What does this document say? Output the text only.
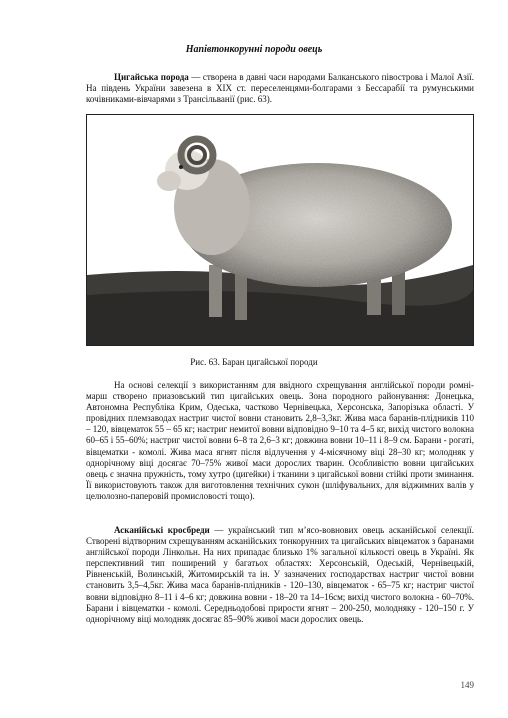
Напівтонкорунні породи овець
Цигайська порода — створена в давні часи народами Балканського півострова і Малої Азії. На південь України завезена в XIX ст. переселенцями-болгарами з Бессарабії та румунськими кочівниками-вівчарями з Трансільванії (рис. 63).
Рис. 63. Баран цигайської породи
На основі селекції з використанням для ввідного схрещування англійської породи ромні-марш створено приазовський тип цигайських овець. Зона породного районування: Донецька, Автономна Республіка Крим, Одеська, частково Чернівецька, Херсонська, Запорізька області. У провідних племзаводах настриг чистої вовни становить 2,8–3,3кг. Жива маса баранів-плідників 110 – 120, вівцематок 55 – 65 кг; настриг немитої вовни відповідно 9–10 та 4–5 кг, вихід чистого волокна 60–65 і 55–60%; настриг чистої вовни 6–8 та 2,6–3 кг; довжина вовни 10–11 і 8–9 см. Барани - рогаті, вівцематки - комолі. Жива маса ягнят після відлучення у 4-місячному віці 28–30 кг; молодняк у однорічному віці досягає 70–75% живої маси дорослих тварин. Особливістю вовни цигайських овець є значна пружність, тому хутро (цигейки) і тканини з цигайської вовни стійкі проти зминання. Її використовують також для виготовлення технічних сукон (шліфувальних, для віджимних валів у целюлозно-паперовій промисловості тощо).
Асканійські кросбреди — український тип м’ясо-вовнових овець асканійської селекції. Створені відтворним схрещуванням асканійських тонкорунних та цигайських вівцематок з баранами англійської породи Лінкольн. На них припадає близько 1% загальної кількості овець в Україні. Як перспективний тип поширений у багатьох областях: Херсонській, Одеській, Чернівецькій, Рівненській, Волинській, Житомирській та ін. У зазначених господарствах настриг чистої вовни становить 3,5–4,5кг. Жива маса баранів-плідників - 120–130, вівцематок - 65–75 кг; настриг чистої вовни відповідно 8–11 і 4–6 кг; довжина вовни - 18–20 та 14–16см; вихід чистого волокна - 60–70%. Барани і вівцематки - комолі. Середньодобові прирости ягнят – 200-250, молодняку - 120–150 г. У однорічному віці молодняк досягає 85–90% живої маси дорослих овець.
149
